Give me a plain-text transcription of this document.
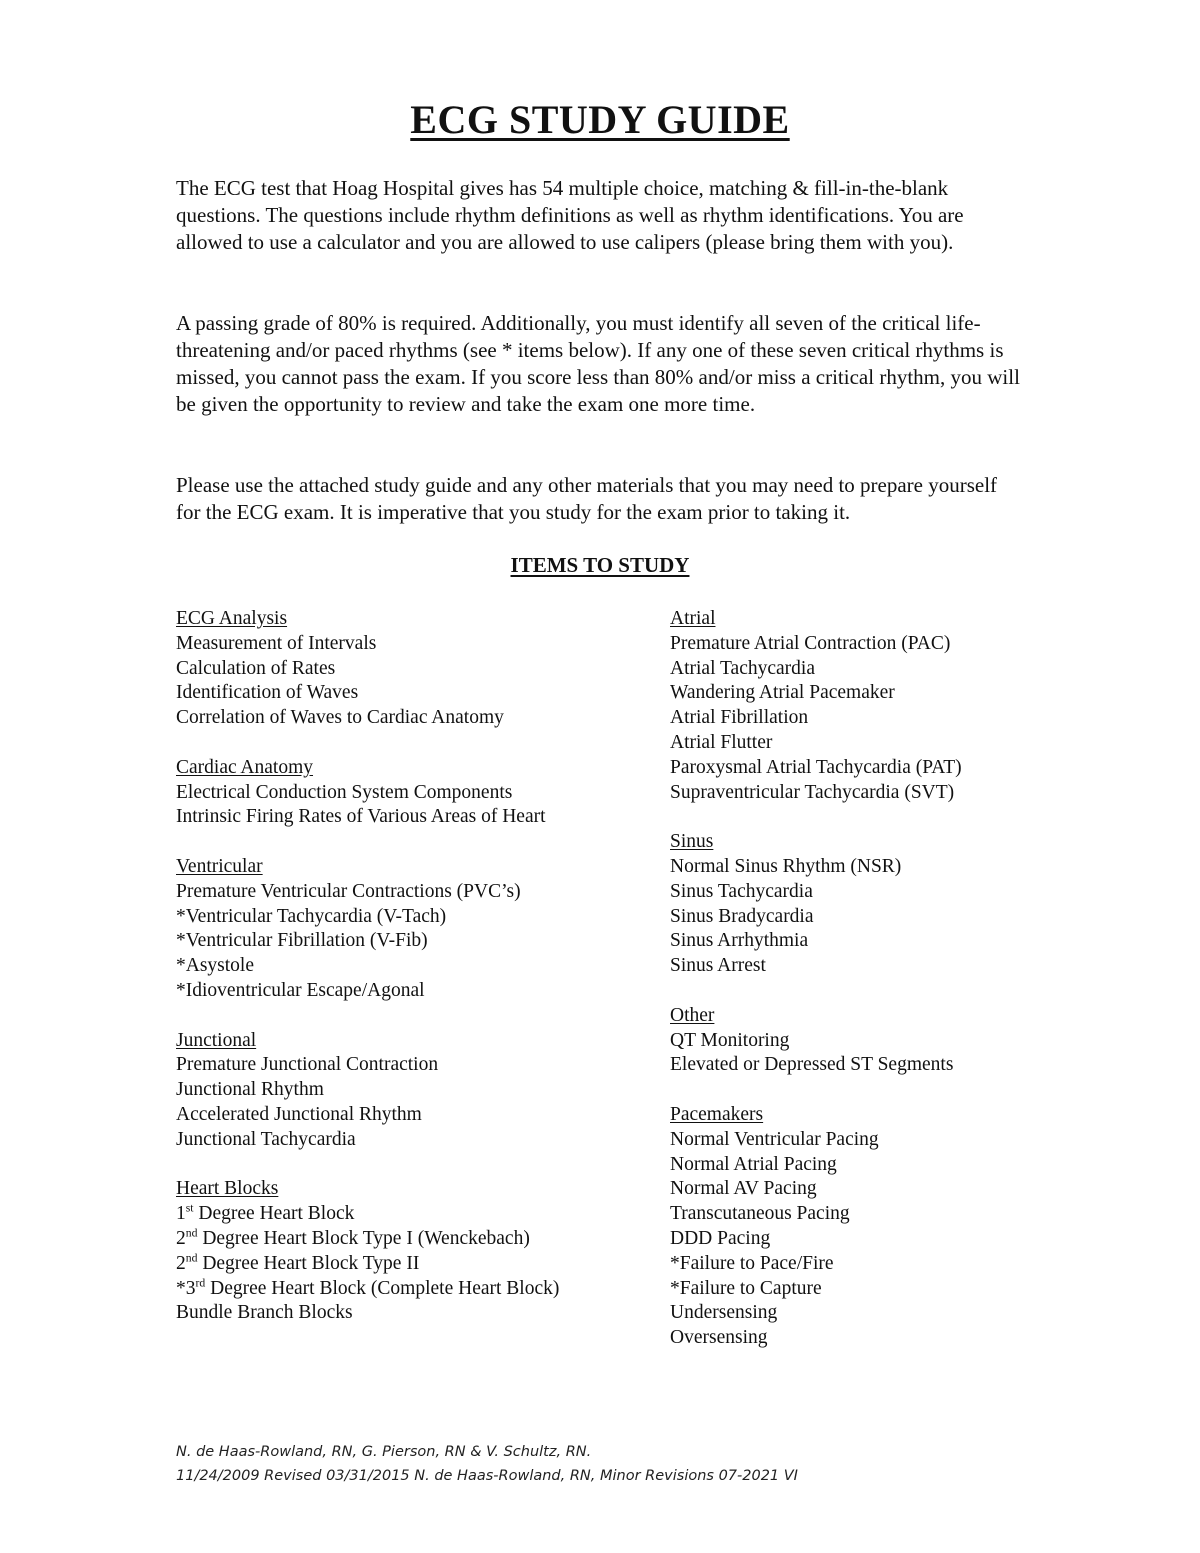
ECG STUDY GUIDE

The ECG test that Hoag Hospital gives has 54 multiple choice, matching & fill-in-the-blank questions. The questions include rhythm definitions as well as rhythm identifications. You are allowed to use a calculator and you are allowed to use calipers (please bring them with you).

A passing grade of 80% is required. Additionally, you must identify all seven of the critical life-threatening and/or paced rhythms (see * items below). If any one of these seven critical rhythms is missed, you cannot pass the exam. If you score less than 80% and/or miss a critical rhythm, you will be given the opportunity to review and take the exam one more time.

Please use the attached study guide and any other materials that you may need to prepare yourself for the ECG exam. It is imperative that you study for the exam prior to taking it.

ITEMS TO STUDY
ECG Analysis
Measurement of Intervals
Calculation of Rates
Identification of Waves
Correlation of Waves to Cardiac Anatomy
Cardiac Anatomy
Electrical Conduction System Components
Intrinsic Firing Rates of Various Areas of Heart
Ventricular
Premature Ventricular Contractions (PVC’s)
*Ventricular Tachycardia (V-Tach)
*Ventricular Fibrillation (V-Fib)
*Asystole
*Idioventricular Escape/Agonal
Junctional
Premature Junctional Contraction
Junctional Rhythm
Accelerated Junctional Rhythm
Junctional Tachycardia
Heart Blocks
1st Degree Heart Block
2nd Degree Heart Block Type I (Wenckebach)
2nd Degree Heart Block Type II
*3rd Degree Heart Block (Complete Heart Block)
Bundle Branch Blocks
Atrial
Premature Atrial Contraction (PAC)
Atrial Tachycardia
Wandering Atrial Pacemaker
Atrial Fibrillation
Atrial Flutter
Paroxysmal Atrial Tachycardia (PAT)
Supraventricular Tachycardia (SVT)
Sinus
Normal Sinus Rhythm (NSR)
Sinus Tachycardia
Sinus Bradycardia
Sinus Arrhythmia
Sinus Arrest
Other
QT Monitoring
Elevated or Depressed ST Segments
Pacemakers
Normal Ventricular Pacing
Normal Atrial Pacing
Normal AV Pacing
Transcutaneous Pacing
DDD Pacing
*Failure to Pace/Fire
*Failure to Capture
Undersensing
Oversensing
N. de Haas-Rowland, RN, G. Pierson, RN & V. Schultz, RN.
11/24/2009 Revised 03/31/2015 N. de Haas-Rowland, RN, Minor Revisions 07-2021 VI
